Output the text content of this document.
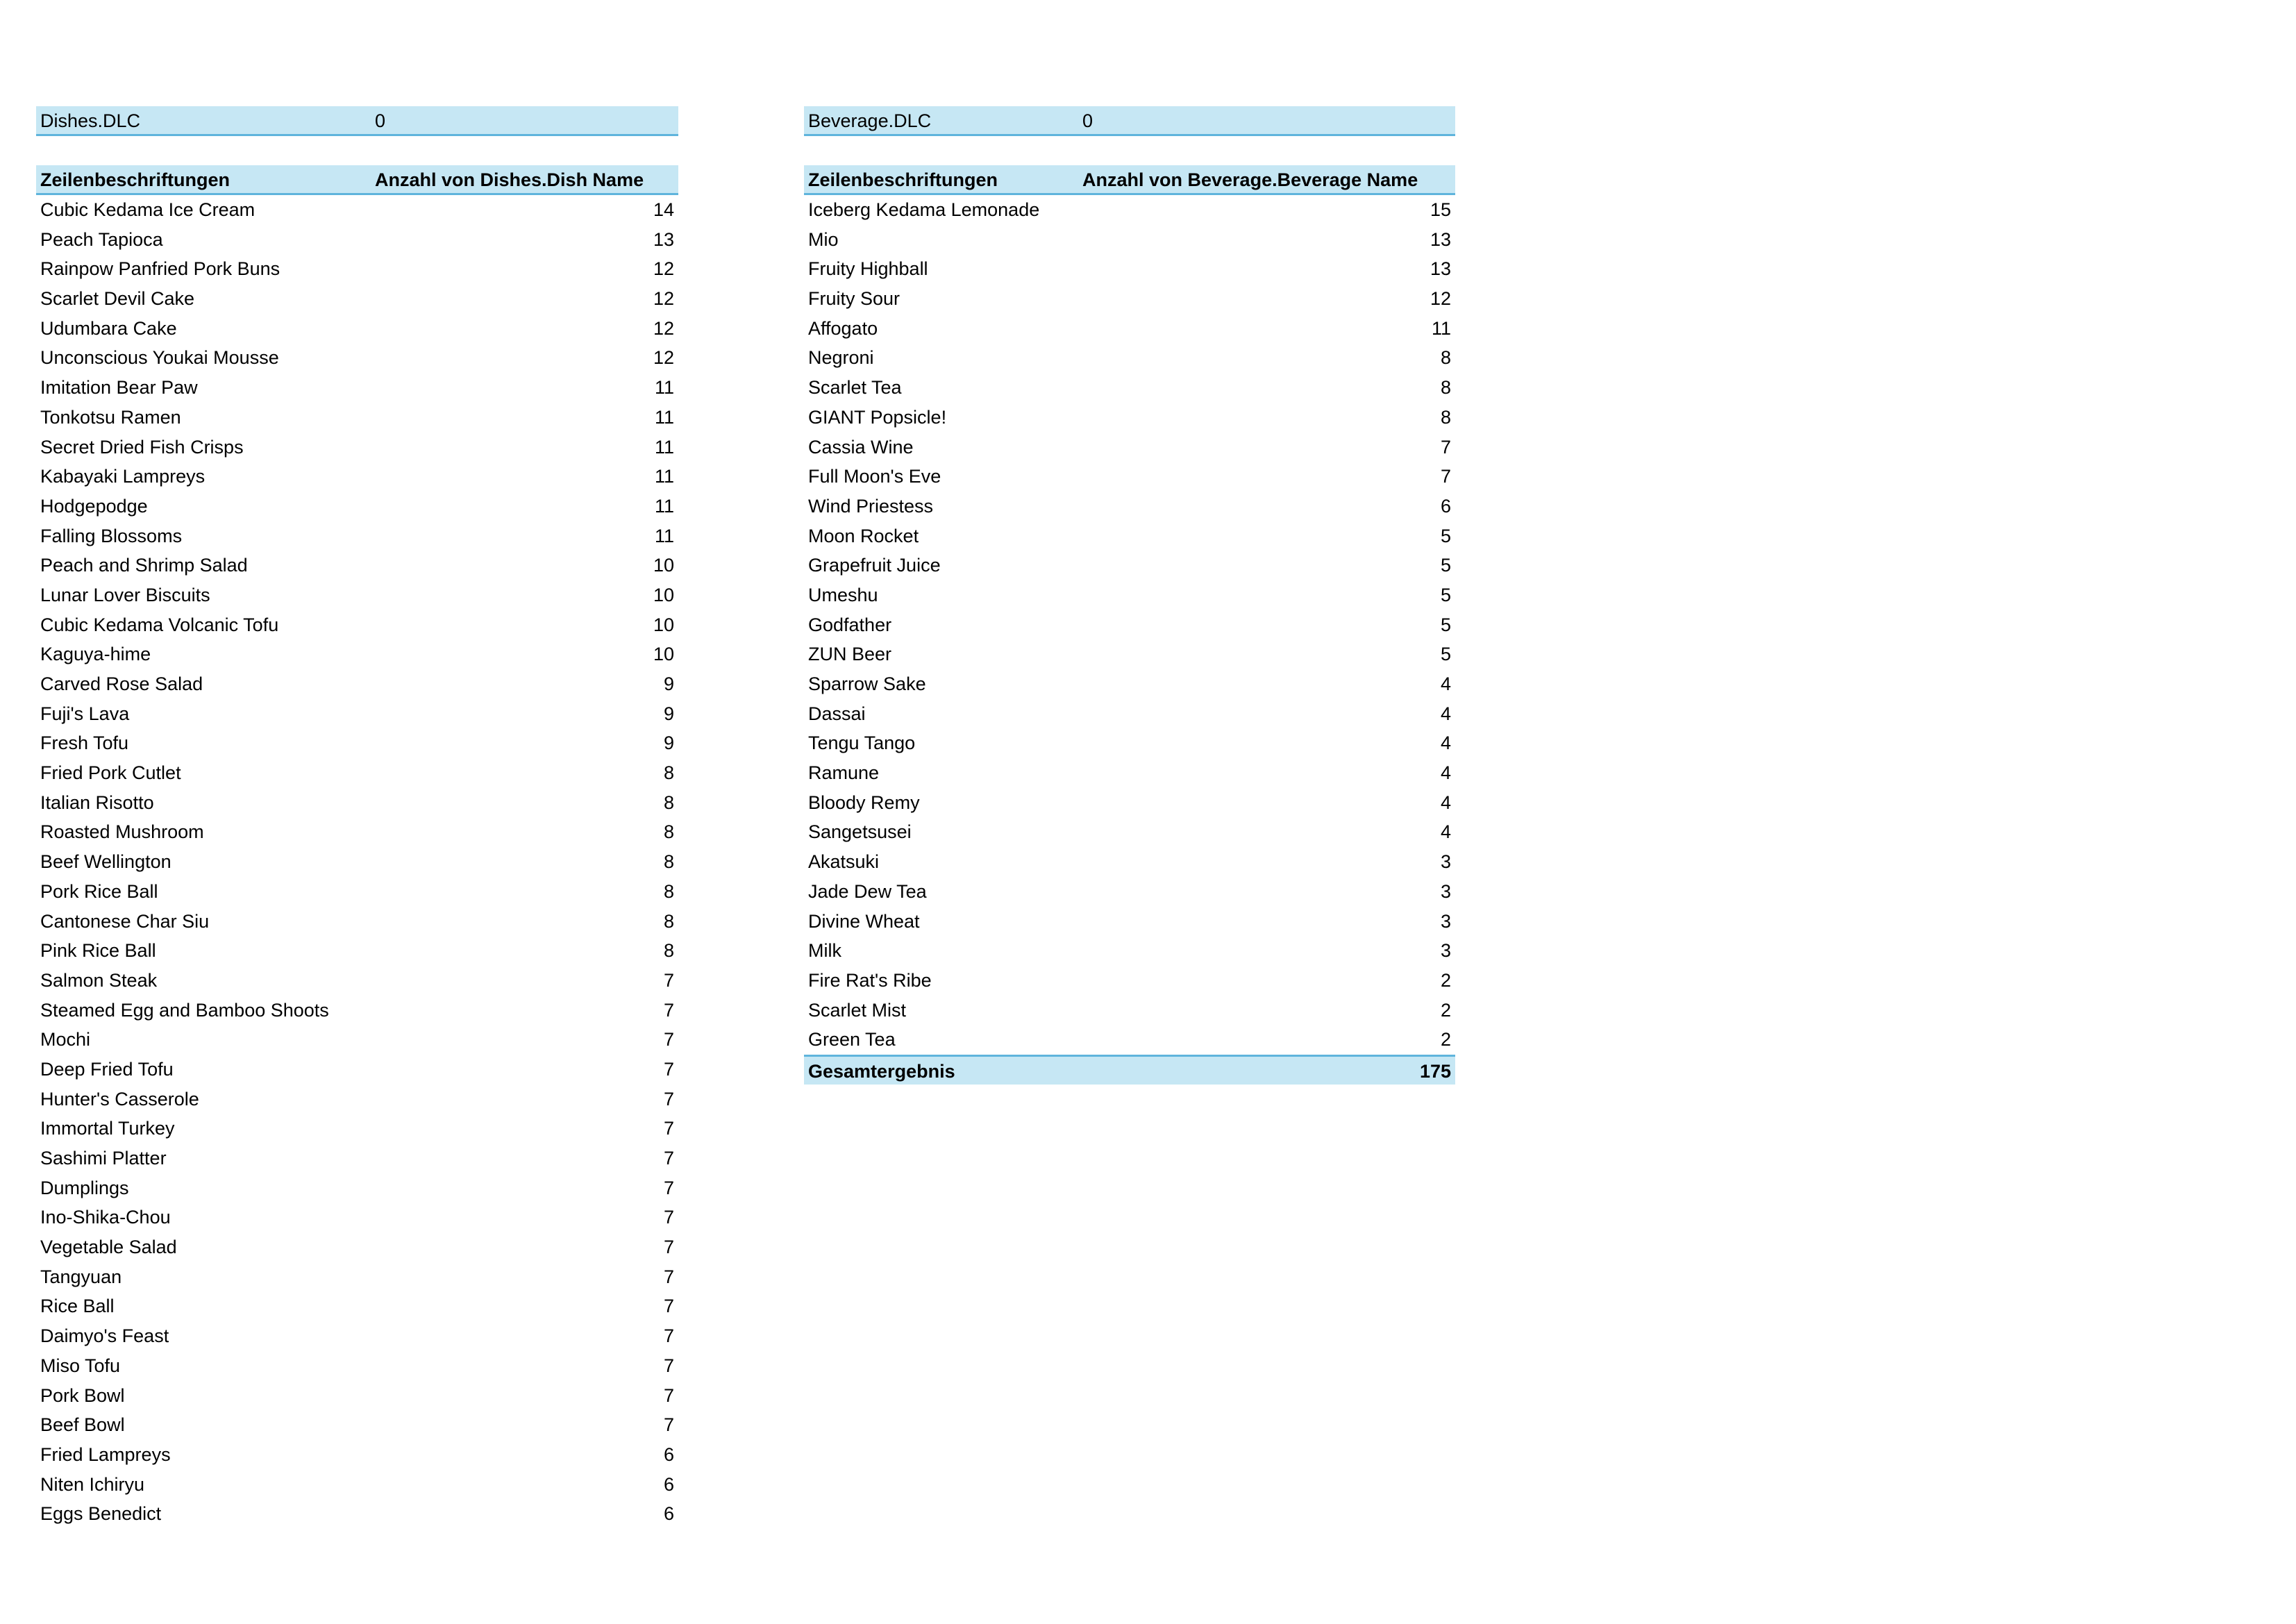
Dishes.DLC	0
Zeilenbeschriftungen	Anzahl von Dishes.Dish Name
Cubic Kedama Ice Cream	14
Peach Tapioca	13
Rainpow Panfried Pork Buns	12
Scarlet Devil Cake	12
Udumbara Cake	12
Unconscious Youkai Mousse	12
Imitation Bear Paw	11
Tonkotsu Ramen	11
Secret Dried Fish Crisps	11
Kabayaki Lampreys	11
Hodgepodge	11
Falling Blossoms	11
Peach and Shrimp Salad	10
Lunar Lover Biscuits	10
Cubic Kedama Volcanic Tofu	10
Kaguya-hime	10
Carved Rose Salad	9
Fuji's Lava	9
Fresh Tofu	9
Fried Pork Cutlet	8
Italian Risotto	8
Roasted Mushroom	8
Beef Wellington	8
Pork Rice Ball	8
Cantonese Char Siu	8
Pink Rice Ball	8
Salmon Steak	7
Steamed Egg and Bamboo Shoots	7
Mochi	7
Deep Fried Tofu	7
Hunter's Casserole	7
Immortal Turkey	7
Sashimi Platter	7
Dumplings	7
Ino-Shika-Chou	7
Vegetable Salad	7
Tangyuan	7
Rice Ball	7
Daimyo's Feast	7
Miso Tofu	7
Pork Bowl	7
Beef Bowl	7
Fried Lampreys	6
Niten Ichiryu	6
Eggs Benedict	6
Beverage.DLC	0
Zeilenbeschriftungen	Anzahl von Beverage.Beverage Name
Iceberg Kedama Lemonade	15
Mio	13
Fruity Highball	13
Fruity Sour	12
Affogato	11
Negroni	8
Scarlet Tea	8
GIANT Popsicle!	8
Cassia Wine	7
Full Moon's Eve	7
Wind Priestess	6
Moon Rocket	5
Grapefruit Juice	5
Umeshu	5
Godfather	5
ZUN Beer	5
Sparrow Sake	4
Dassai	4
Tengu Tango	4
Ramune	4
Bloody Remy	4
Sangetsusei	4
Akatsuki	3
Jade Dew Tea	3
Divine Wheat	3
Milk	3
Fire Rat's Ribe	2
Scarlet Mist	2
Green Tea	2
Gesamtergebnis	175
